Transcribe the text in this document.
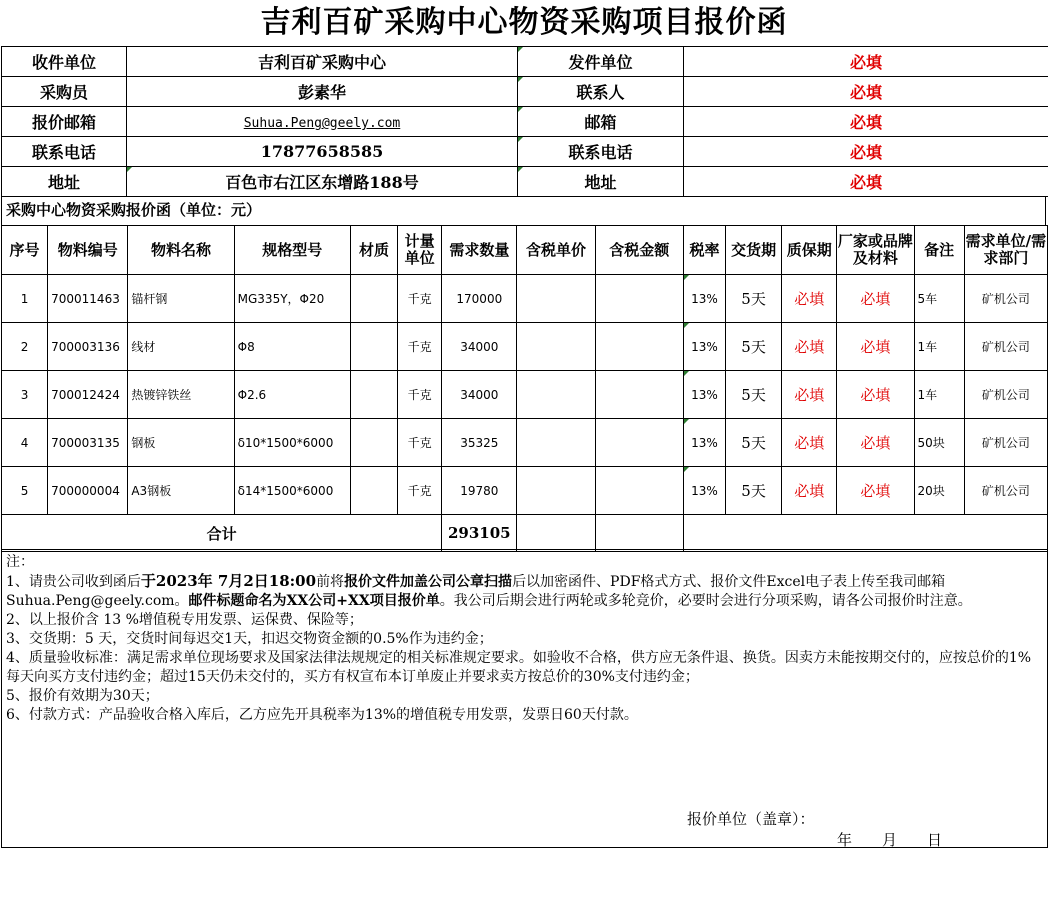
吉利百矿采购中心物资采购项目报价函
收件单位	吉利百矿采购中心	发件单位	必填
采购员	彭素华	联系人	必填
报价邮箱	Suhua.Peng@geely.com	邮箱	必填
联系电话	17877658585	联系电话	必填
地址	百色市右江区东增路188号	地址	必填
采购中心物资采购报价函（单位：元）
序号	物料编号	物料名称	规格型号	材质	计量单位	需求数量	含税单价	含税金额	税率	交货期	质保期	厂家或品牌及材料	备注	需求单位/需求部门
1	700011463	锚杆钢	MG335Y，Φ20		千克	170000			13%	5天	必填	必填	5车	矿机公司
2	700003136	线材	Φ8		千克	34000			13%	5天	必填	必填	1车	矿机公司
3	700012424	热镀锌铁丝	Φ2.6		千克	34000			13%	5天	必填	必填	1车	矿机公司
4	700003135	钢板	δ10*1500*6000		千克	35325			13%	5天	必填	必填	50块	矿机公司
5	700000004	A3钢板	δ14*1500*6000		千克	19780			13%	5天	必填	必填	20块	矿机公司
合计						293105								

注：

1、请贵公司收到函后于2023年 7月2日18:00前将报价文件加盖公司公章扫描后以加密函件、PDF格式方式、报价文件Excel电子表上传至我司邮箱　Suhua.Peng@geely.com。邮件标题命名为XX公司+XX项目报价单。我公司后期会进行两轮或多轮竞价，必要时会进行分项采购，请各公司报价时注意。

2、以上报价含 13 %增值税专用发票、运保费、保险等；

3、交货期：5 天，交货时间每迟交1天，扣迟交物资金额的0.5%作为违约金；

4、质量验收标准：满足需求单位现场要求及国家法律法规规定的相关标准规定要求。如验收不合格，供方应无条件退、换货。因卖方未能按期交付的，应按总价的1% 每天向买方支付违约金；超过15天仍未交付的，买方有权宣布本订单废止并要求卖方按总价的30%支付违约金；

5、报价有效期为30天；

6、付款方式：产品验收合格入库后，乙方应先开具税率为13%的增值税专用发票，发票日60天付款。

报价单位（盖章）：
年　　月　　日
